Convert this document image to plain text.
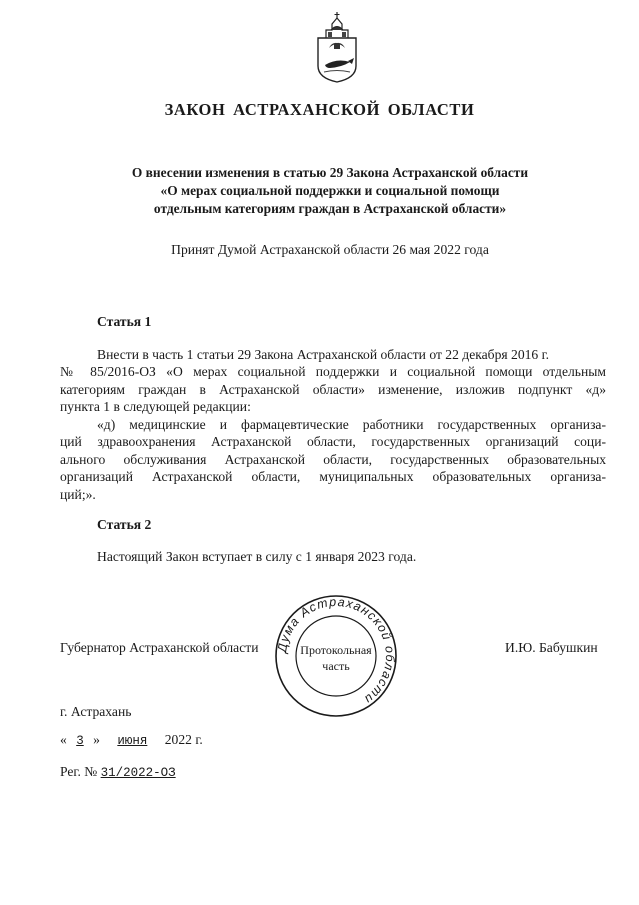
ЗАКОН АСТРАХАНСКОЙ ОБЛАСТИ
О внесении изменения в статью 29 Закона Астраханской области
«О мерах социальной поддержки и социальной помощи
отдельным категориям граждан в Астраханской области»
Принят Думой Астраханской области 26 мая 2022 года
Статья 1
Внести в часть 1 статьи 29 Закона Астраханской области от 22 декабря 2016 г.
№ 85/2016-ОЗ «О мерах социальной поддержки и социальной помощи отдельным
категориям граждан в Астраханской области» изменение, изложив подпункт «д»
пункта 1 в следующей редакции:
«д) медицинские и фармацевтические работники государственных организа-
ций здравоохранения Астраханской области, государственных организаций соци-
ального обслуживания Астраханской области, государственных образовательных
организаций Астраханской области, муниципальных образовательных организа-
ций;».
Статья 2
Настоящий Закон вступает в силу с 1 января 2023 года.
Губернатор Астраханской области	И.Ю. Бабушкин
Дума Астраханской области
Протокольная
часть
г. Астрахань
« 3 » июня 2022 г.
Рег. № 31/2022-ОЗ
